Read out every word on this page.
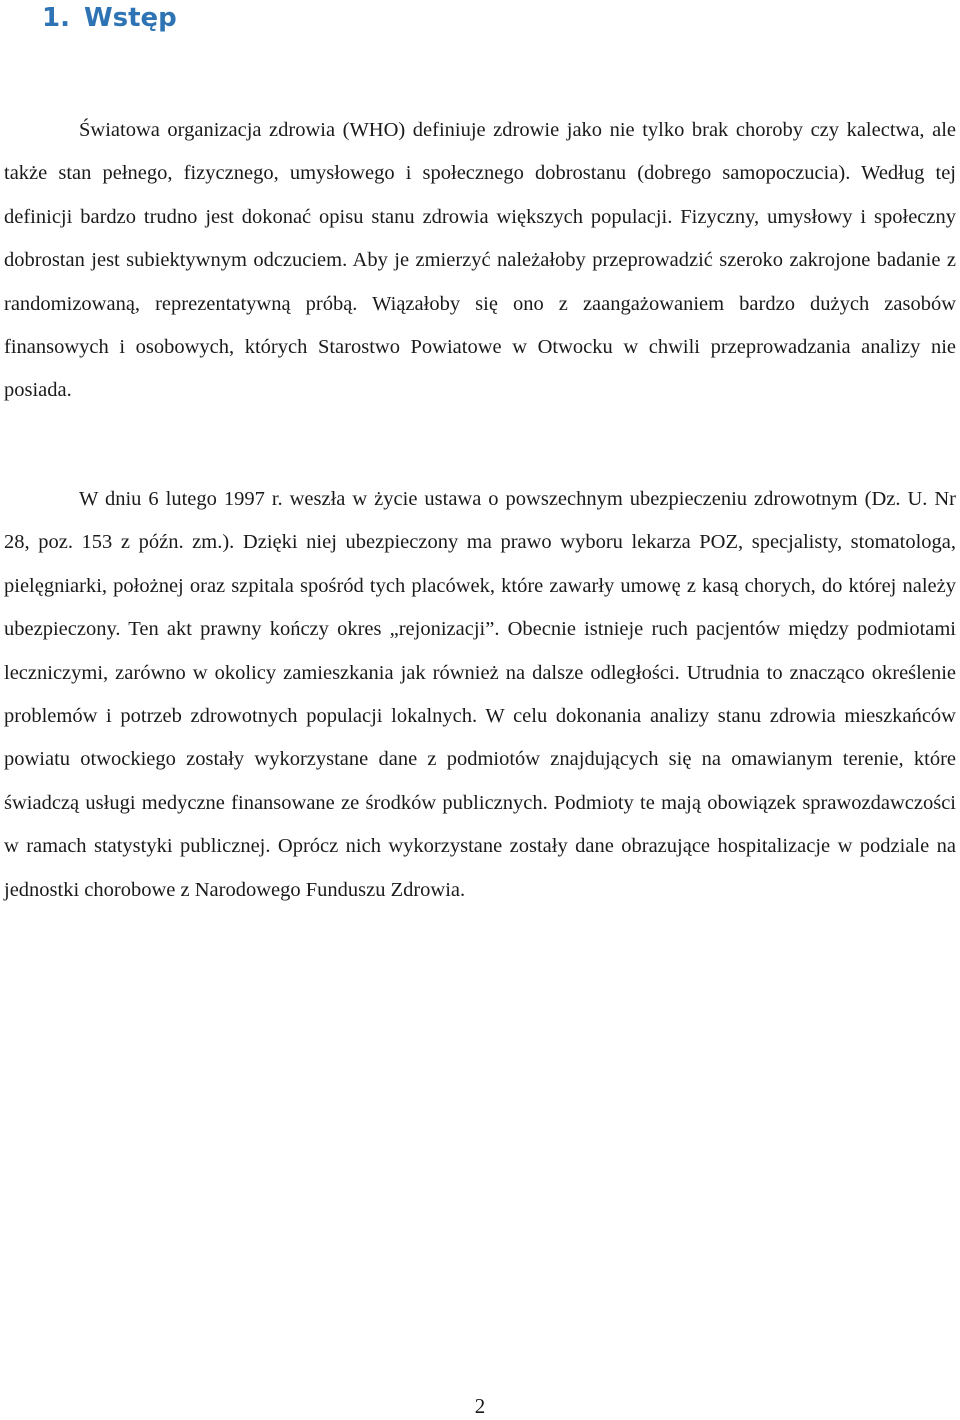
1. Wstęp

Światowa organizacja zdrowia (WHO) definiuje zdrowie jako nie tylko brak choroby czy kalectwa, ale także stan pełnego, fizycznego, umysłowego i społecznego dobrostanu (dobrego samopoczucia). Według tej definicji bardzo trudno jest dokonać opisu stanu zdrowia większych populacji. Fizyczny, umysłowy i społeczny dobrostan jest subiektywnym odczuciem. Aby je zmierzyć należałoby przeprowadzić szeroko zakrojone badanie z randomizowaną, reprezentatywną próbą. Wiązałoby się ono z zaangażowaniem bardzo dużych zasobów finansowych i osobowych, których Starostwo Powiatowe w Otwocku w chwili przeprowadzania analizy nie posiada.

W dniu 6 lutego 1997 r. weszła w życie ustawa o powszechnym ubezpieczeniu zdrowotnym (Dz. U. Nr 28, poz. 153 z późn. zm.). Dzięki niej ubezpieczony ma prawo wyboru lekarza POZ, specjalisty, stomatologa, pielęgniarki, położnej oraz szpitala spośród tych placówek, które zawarły umowę z kasą chorych, do której należy ubezpieczony. Ten akt prawny kończy okres „rejonizacji”. Obecnie istnieje ruch pacjentów między podmiotami leczniczymi, zarówno w okolicy zamieszkania jak również na dalsze odległości. Utrudnia to znacząco określenie problemów i potrzeb zdrowotnych populacji lokalnych. W celu dokonania analizy stanu zdrowia mieszkańców powiatu otwockiego zostały wykorzystane dane z podmiotów znajdujących się na omawianym terenie, które świadczą usługi medyczne finansowane ze środków publicznych. Podmioty te mają obowiązek sprawozdawczości w ramach statystyki publicznej. Oprócz nich wykorzystane zostały dane obrazujące hospitalizacje w podziale na jednostki chorobowe z Narodowego Funduszu Zdrowia.

2
